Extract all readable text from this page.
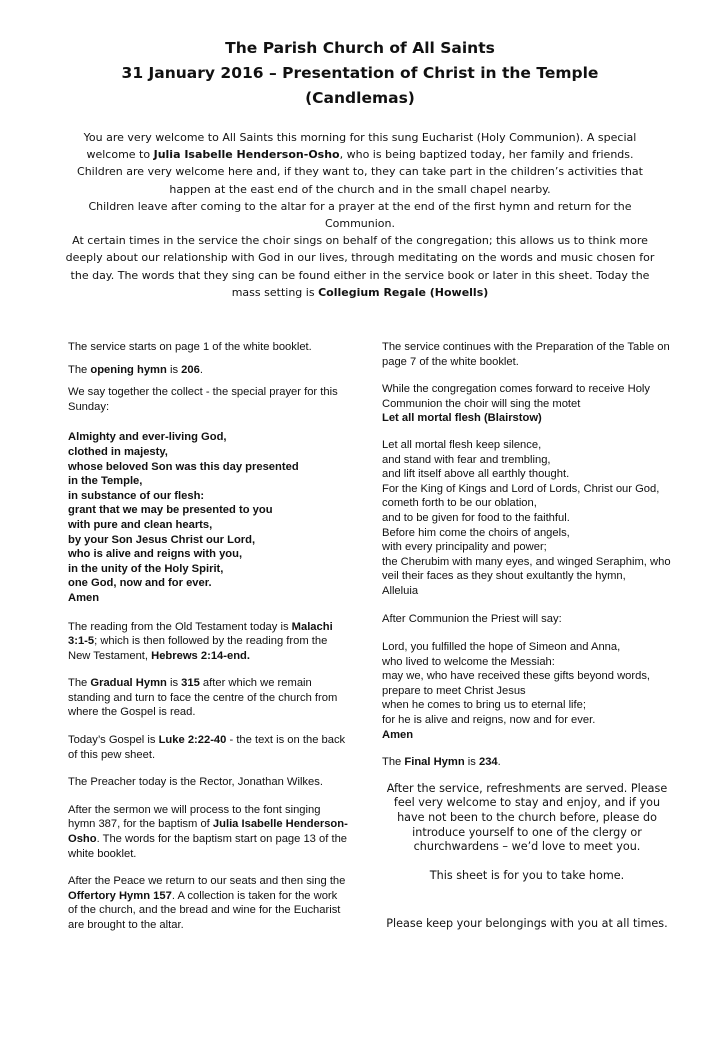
The Parish Church of All Saints

31 January 2016 – Presentation of Christ in the Temple

(Candlemas)

You are very welcome to All Saints this morning for this sung Eucharist (Holy Communion). A special welcome to Julia Isabelle Henderson-Osho, who is being baptized today, her family and friends. Children are very welcome here and, if they want to, they can take part in the children’s activities that happen at the east end of the church and in the small chapel nearby.

Children leave after coming to the altar for a prayer at the end of the first hymn and return for the Communion.

At certain times in the service the choir sings on behalf of the congregation; this allows us to think more deeply about our relationship with God in our lives, through meditating on the words and music chosen for the day. The words that they sing can be found either in the service book or later in this sheet. Today the mass setting is Collegium Regale (Howells)

The service starts on page 1 of the white booklet.

The opening hymn is 206.

We say together the collect - the special prayer for this Sunday:

Almighty and ever-living God,

clothed in majesty,

whose beloved Son was this day presented

in the Temple,

in substance of our flesh:

grant that we may be presented to you

with pure and clean hearts,

by your Son Jesus Christ our Lord,

who is alive and reigns with you,

in the unity of the Holy Spirit,

one God, now and for ever.

Amen

The reading from the Old Testament today is Malachi 3:1-5; which is then followed by the reading from the New Testament, Hebrews 2:14-end.

The Gradual Hymn is 315 after which we remain standing and turn to face the centre of the church from where the Gospel is read.

Today’s Gospel is Luke 2:22-40 - the text is on the back of this pew sheet.

The Preacher today is the Rector, Jonathan Wilkes.

After the sermon we will process to the font singing hymn 387, for the baptism of Julia Isabelle Henderson-Osho. The words for the baptism start on page 13 of the white booklet.

After the Peace we return to our seats and then sing the Offertory Hymn 157. A collection is taken for the work of the church, and the bread and wine for the Eucharist are brought to the altar.

The service continues with the Preparation of the Table on page 7 of the white booklet.

While the congregation comes forward to receive Holy Communion the choir will sing the motet

Let all mortal flesh (Blairstow)

Let all mortal flesh keep silence,

and stand with fear and trembling,

and lift itself above all earthly thought.

For the King of Kings and Lord of Lords, Christ our God, cometh forth to be our oblation,

and to be given for food to the faithful.

Before him come the choirs of angels,

with every principality and power;

the Cherubim with many eyes, and winged Seraphim, who veil their faces as they shout exultantly the hymn,

Alleluia

After Communion the Priest will say:

Lord, you fulfilled the hope of Simeon and Anna,

who lived to welcome the Messiah:

may we, who have received these gifts beyond words, prepare to meet Christ Jesus

when he comes to bring us to eternal life;

for he is alive and reigns, now and for ever.

Amen

The Final Hymn is 234.

After the service, refreshments are served. Please feel very welcome to stay and enjoy, and if you have not been to the church before, please do introduce yourself to one of the clergy or churchwardens – we’d love to meet you.

This sheet is for you to take home.

Please keep your belongings with you at all times.
